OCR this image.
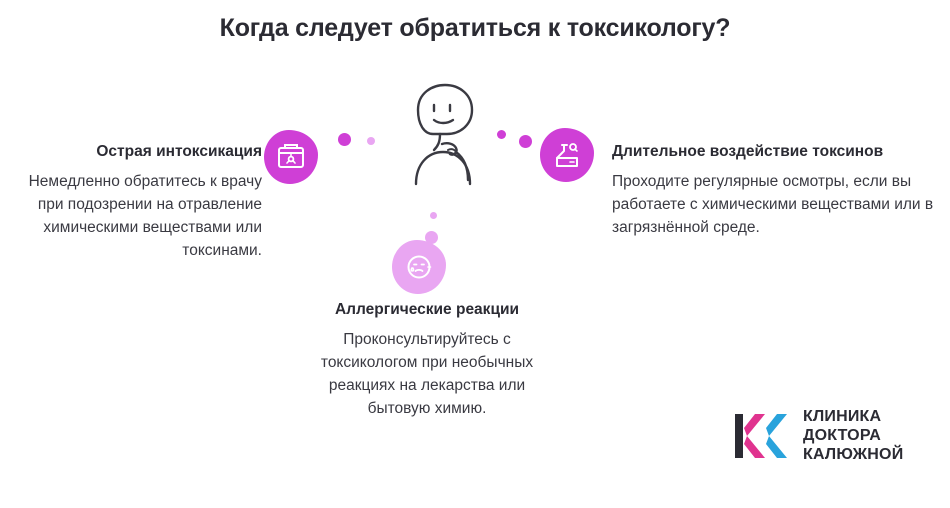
Когда следует обратиться к токсикологу?
Острая интоксикация

Немедленно обратитесь к врачу при подозрении на отравление химическими веществами или токсинами.

Длительное воздействие токсинов

Проходите регулярные осмотры, если вы работаете с химическими веществами или в загрязнённой среде.

Аллергические реакции

Проконсультируйтесь с токсикологом при необычных реакциях на лекарства или бытовую химию.	КЛИНИКА
ДОКТОРА
КАЛЮЖНОЙ
